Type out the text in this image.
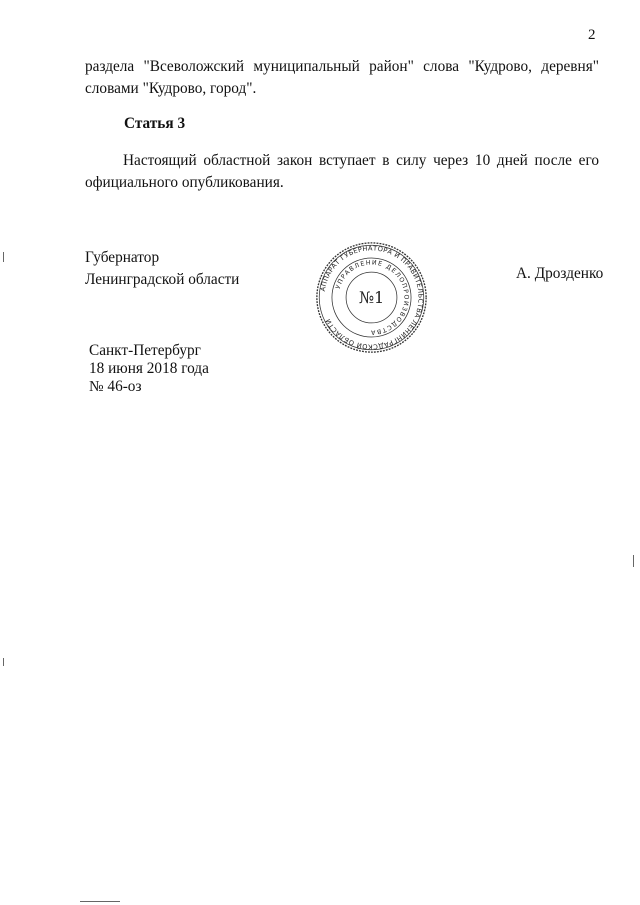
2

раздела "Всеволожский муниципальный район" слова "Кудрово, деревня" словами "Кудрово, город".

Статья 3

Настоящий областной закон вступает в силу через 10 дней после его официального опубликования.

Губернатор
Ленинградской области
АППАРАТ ГУБЕРНАТОРА И ПРАВИТЕЛЬСТВА ЛЕНИНГРАДСКОЙ ОБЛАСТИ
УПРАВЛЕНИЕ ДЕЛОПРОИЗВОДСТВА
№1
А. Дрозденко
Санкт-Петербург
18 июня 2018 года
№ 46-оз
